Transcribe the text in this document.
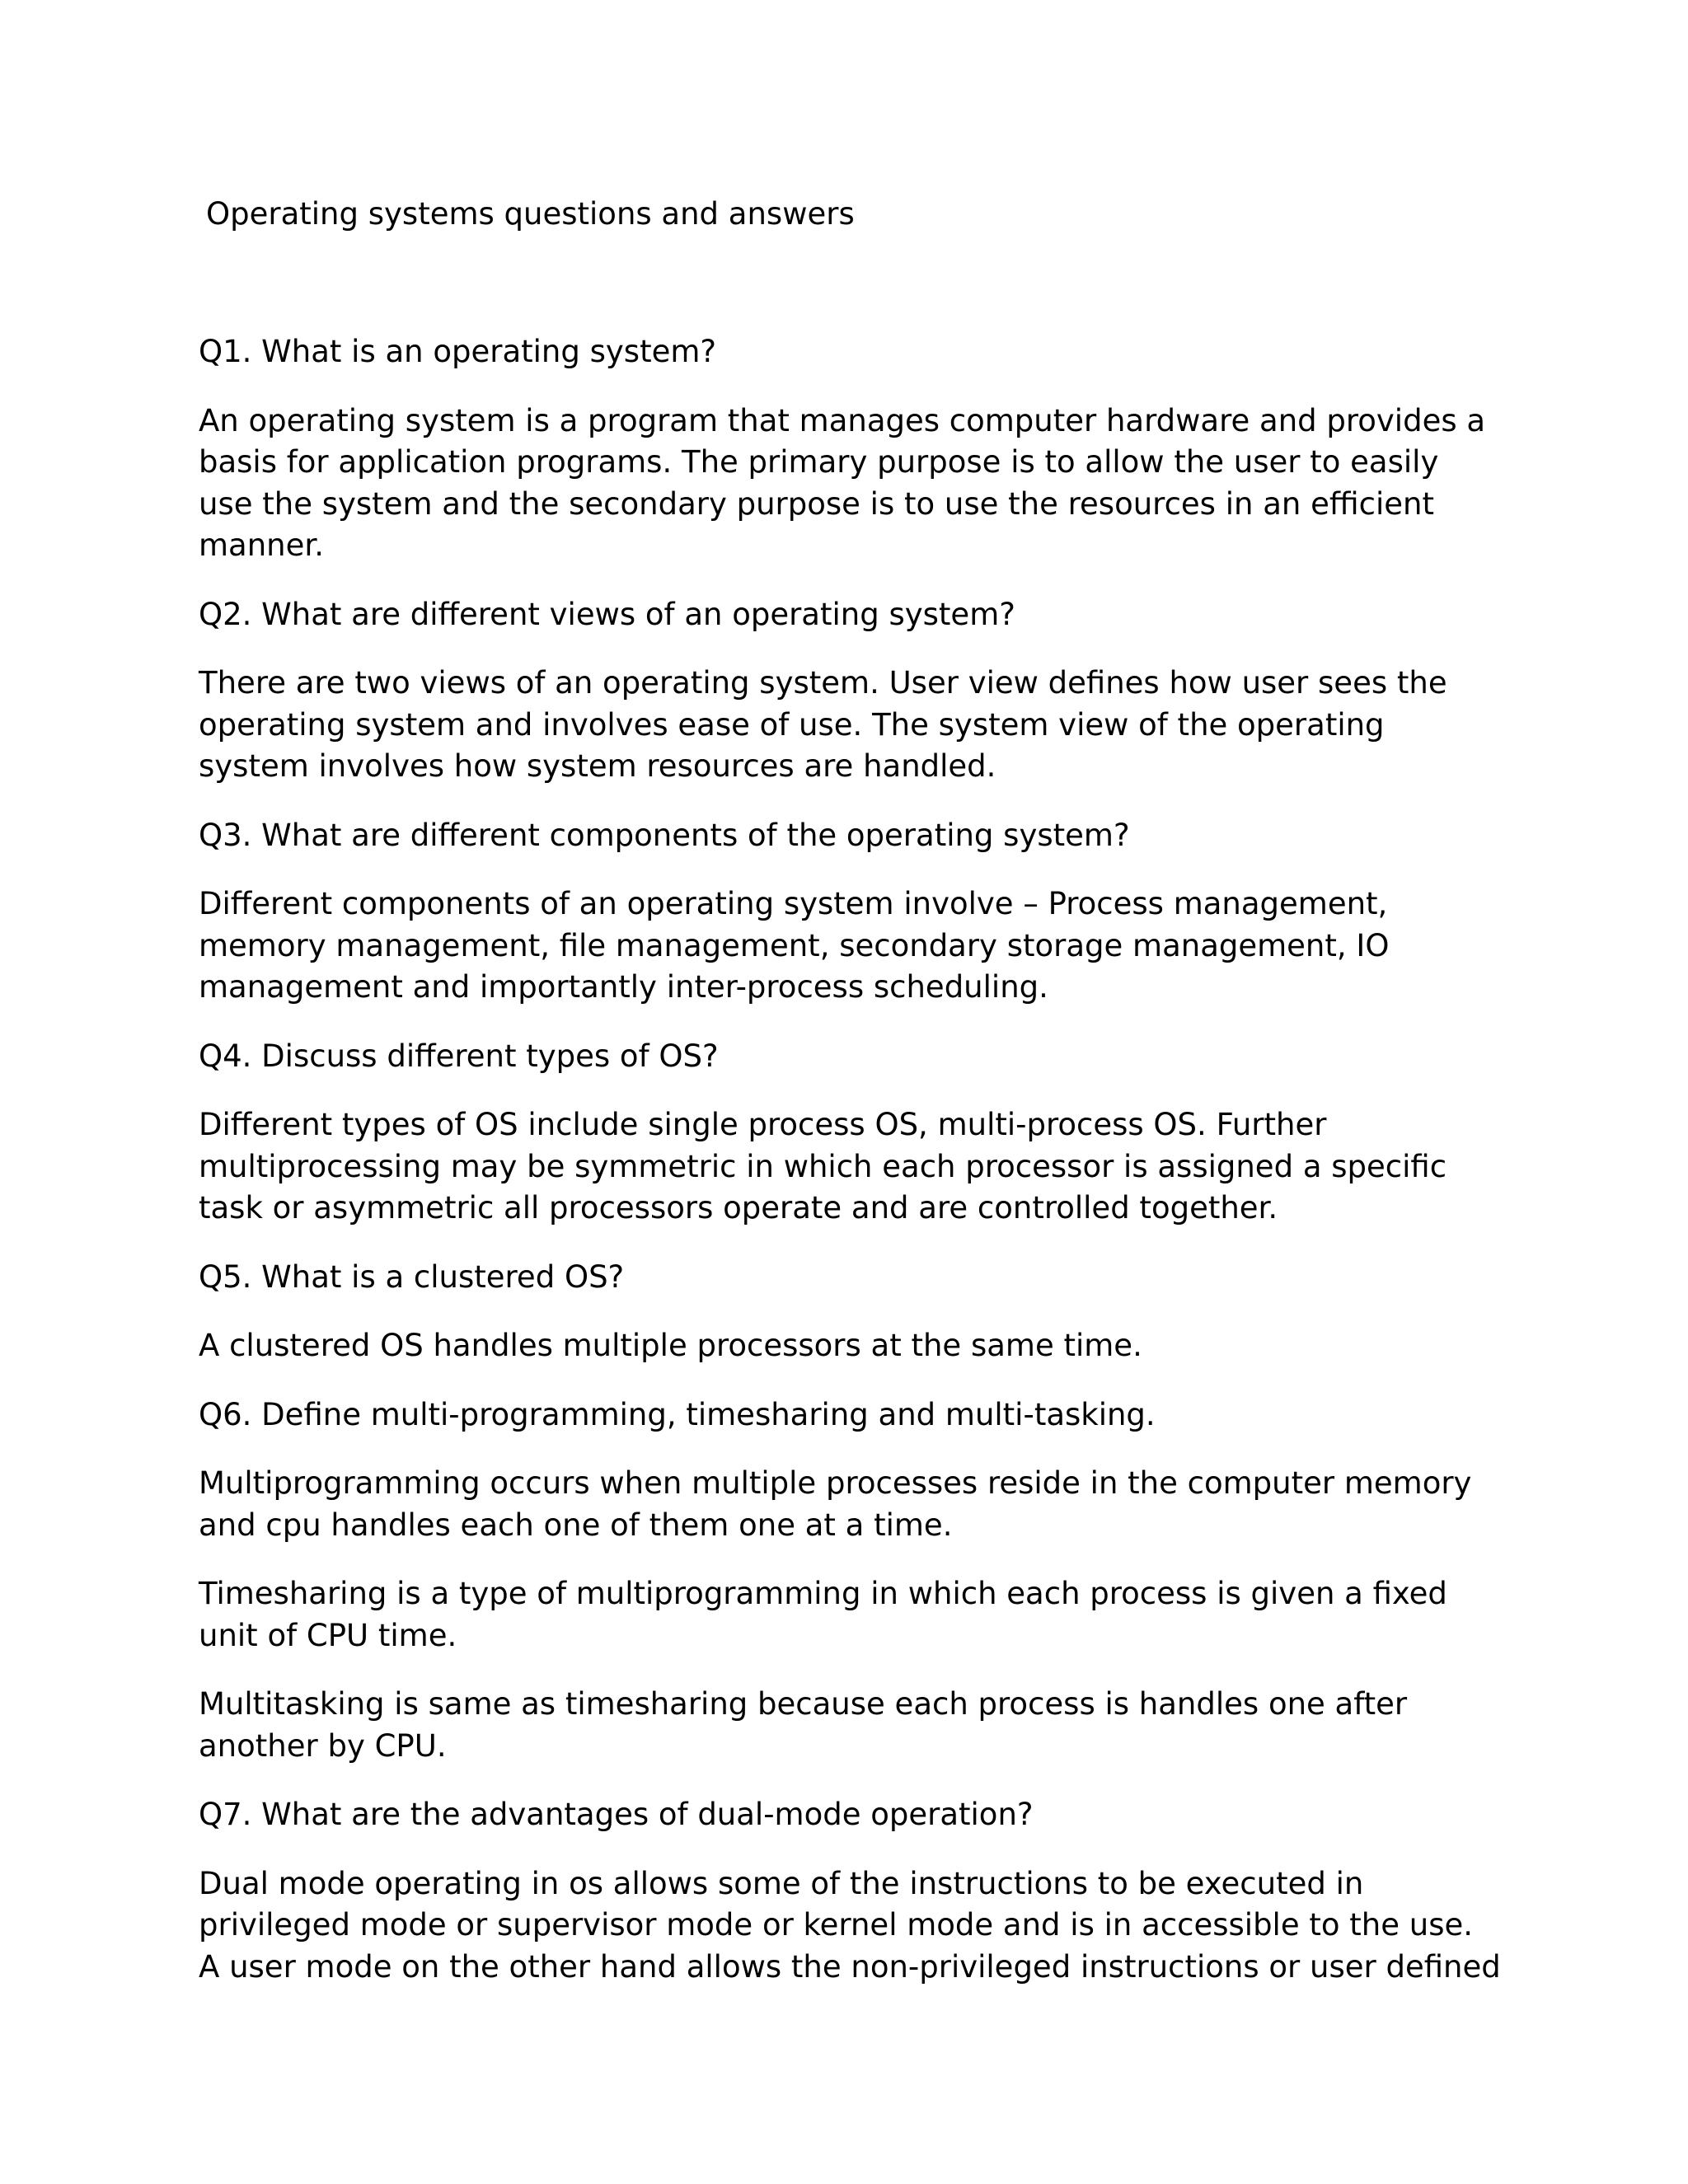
Operating systems questions and answers

Q1. What is an operating system?

An operating system is a program that manages computer hardware and provides a basis for application programs. The primary purpose is to allow the user to easily use the system and the secondary purpose is to use the resources in an efficient manner.

Q2. What are different views of an operating system?

There are two views of an operating system. User view defines how user sees the operating system and involves ease of use. The system view of the operating system involves how system resources are handled.

Q3. What are different components of the operating system?

Different components of an operating system involve – Process management, memory management, file management, secondary storage management, IO management and importantly inter-process scheduling.

Q4. Discuss different types of OS?

Different types of OS include single process OS, multi-process OS. Further multiprocessing may be symmetric in which each processor is assigned a specific task or asymmetric all processors operate and are controlled together.

Q5. What is a clustered OS?

A clustered OS handles multiple processors at the same time.

Q6. Define multi-programming, timesharing and multi-tasking.

Multiprogramming occurs when multiple processes reside in the computer memory and cpu handles each one of them one at a time.

Timesharing is a type of multiprogramming in which each process is given a fixed unit of CPU time.

Multitasking is same as timesharing because each process is handles one after another by CPU.

Q7. What are the advantages of dual-mode operation?

Dual mode operating in os allows some of the instructions to be executed in privileged mode or supervisor mode or kernel mode and is in accessible to the use. A user mode on the other hand allows the non-privileged instructions or user defined
